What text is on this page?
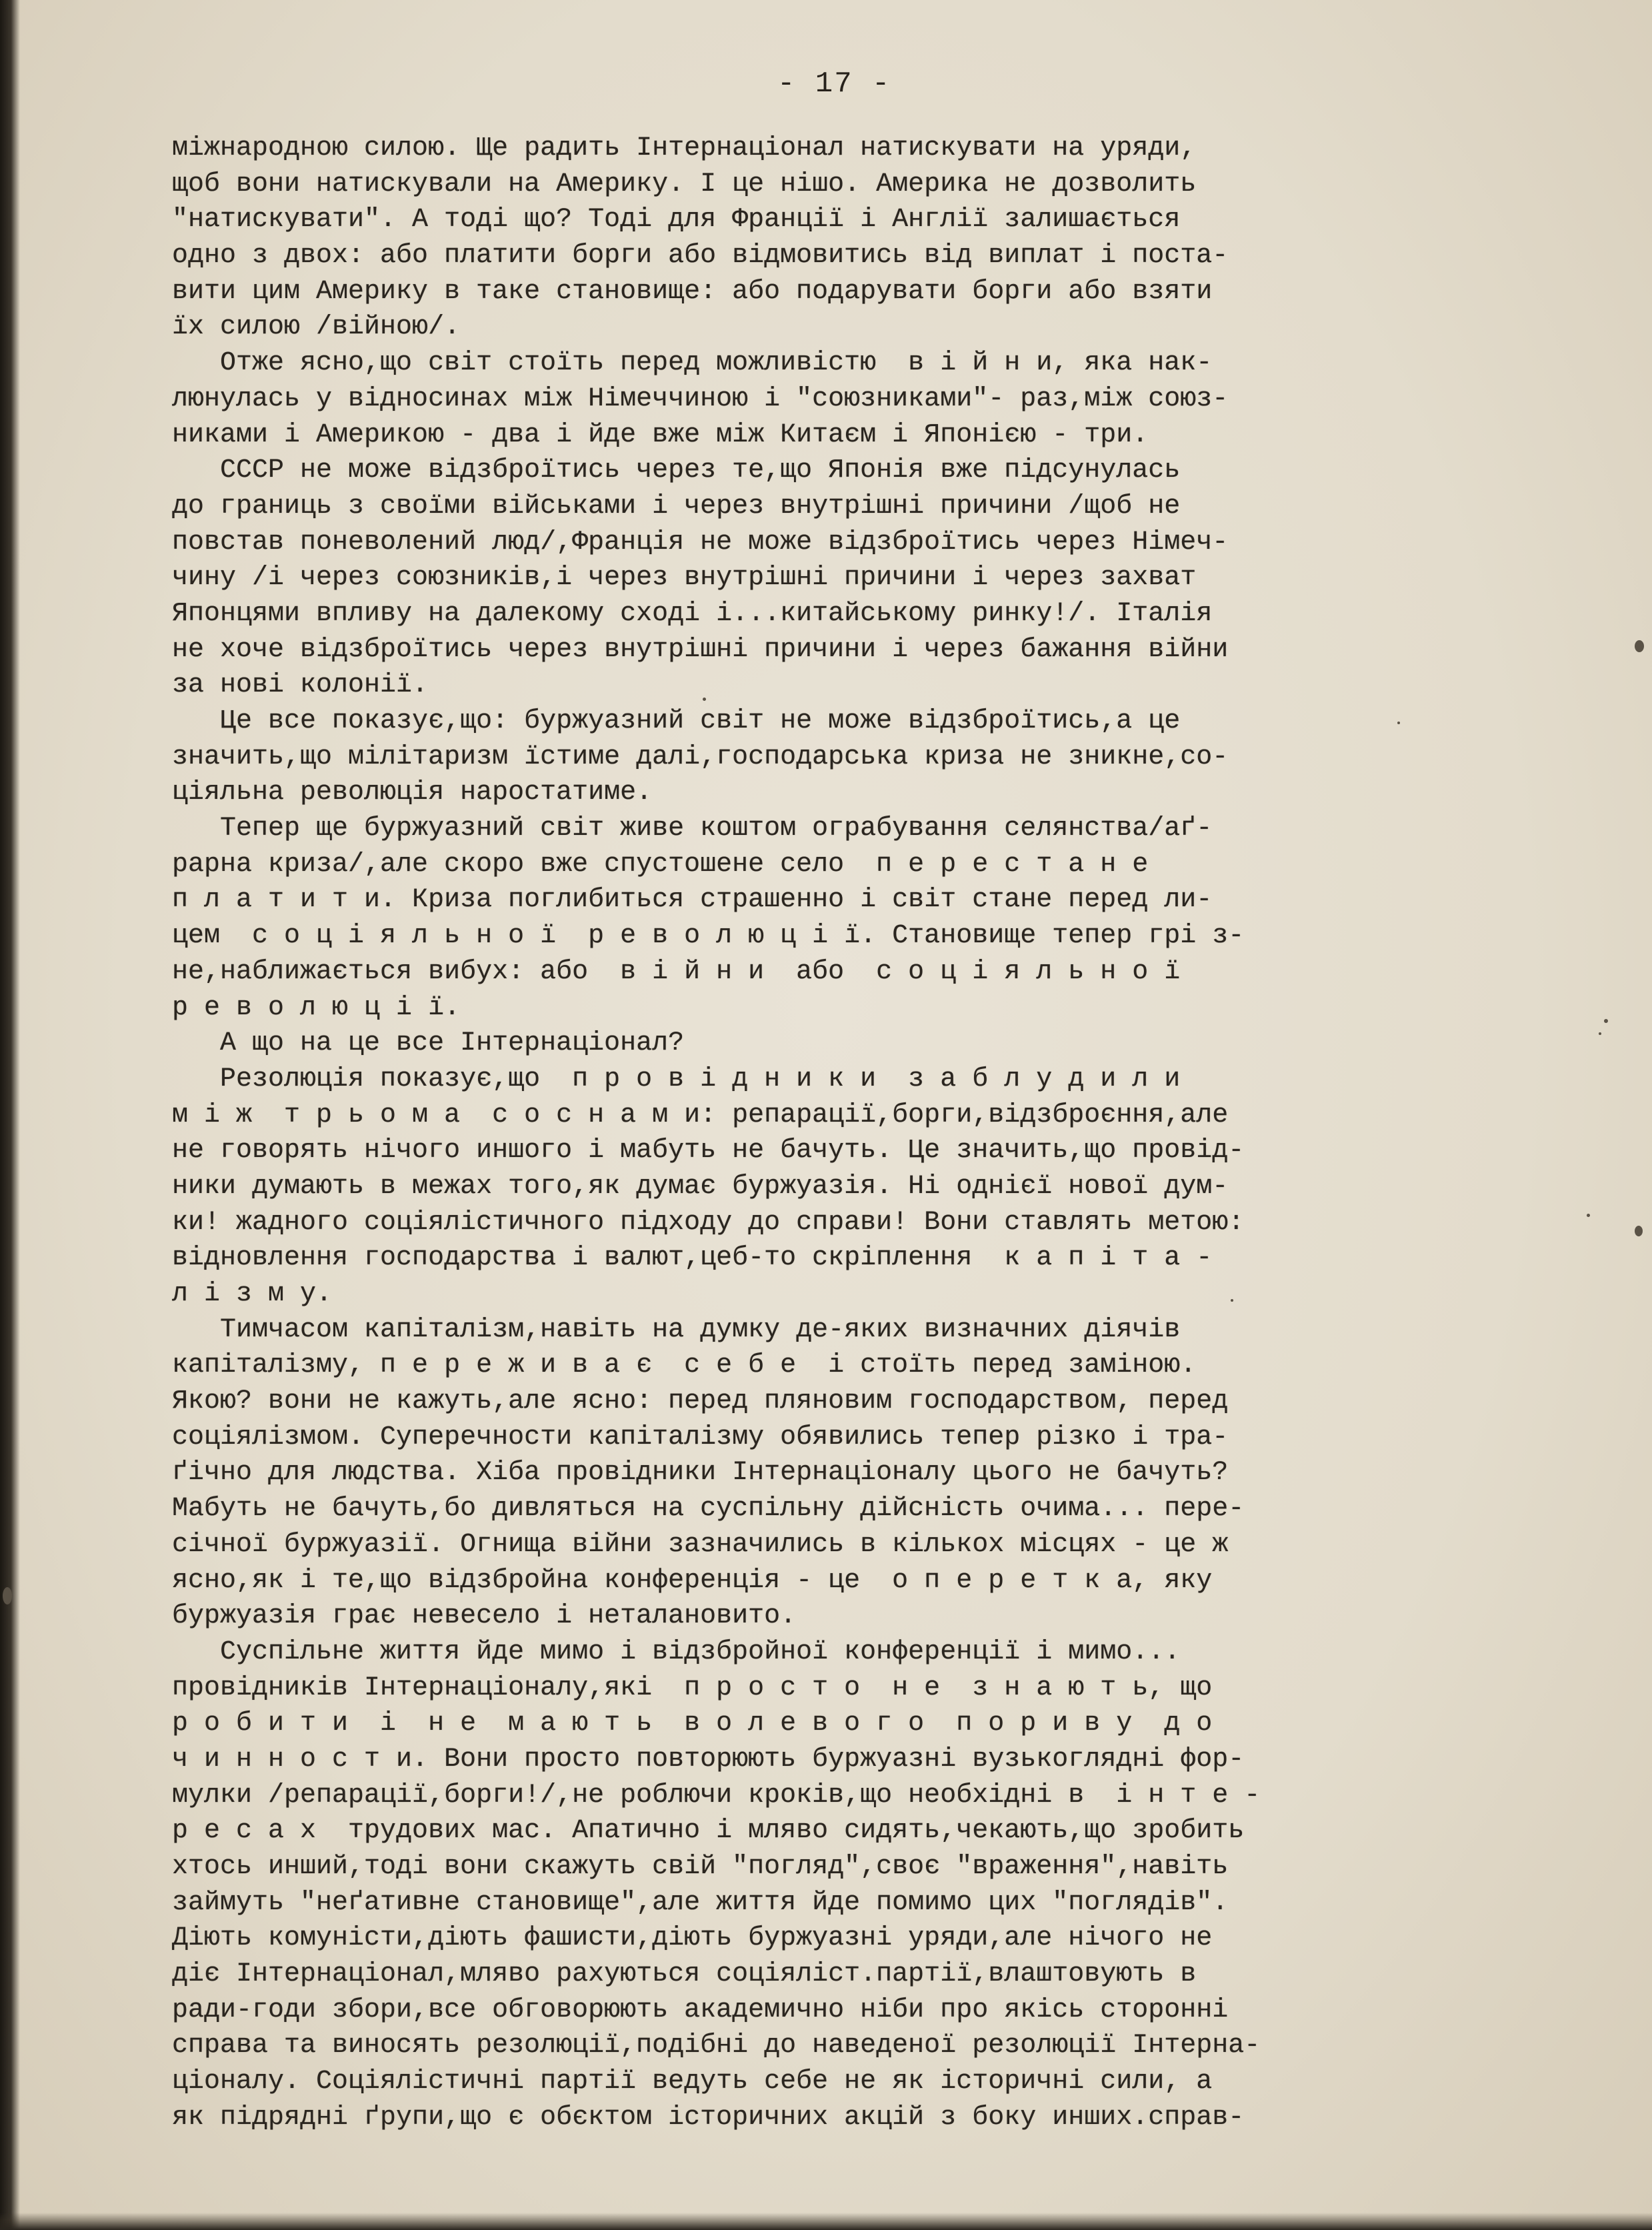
- 17 -
міжнародною силою. Ще радить Інтернаціонал натискувати на уряди,
щоб вони натискували на Америку. І це нішо. Америка не дозволить
"натискувати". А тоді що? Тоді для Франції і Англії залишається
одно з двох: або платити борги або відмовитись від виплат і поста-
вити цим Америку в таке становище: або подарувати борги або взяти
їх силою /війною/.
Отже ясно,що світ стоїть перед можливістю  в і й н и, яка нак-
люнулась у відносинах між Німеччиною і "союзниками"- раз,між союз-
никами і Америкою - два і йде вже між Китаєм і Японією - три.
СССР не може відзброїтись через те,що Японія вже підсунулась
до границь з своїми військами і через внутрішні причини /щоб не
повстав поневолений люд/,Франція не може відзброїтись через Німеч-
чину /і через союзників,і через внутрішні причини і через захват
Японцями впливу на далекому сході і...китайському ринку!/. Італія
не хоче відзброїтись через внутрішні причини і через бажання війни
за нові колонії.
Це все показує,що: буржуазний світ не може відзброїтись,а це
значить,що мілітаризм їстиме далі,господарська криза не зникне,со-
ціяльна революція наростатиме.
Тепер ще буржуазний світ живе коштом ограбування селянства/аґ-
рарна криза/,але скоро вже спустошене село  п е р е с т а н е
п л а т и т и. Криза поглибиться страшенно і світ стане перед ли-
цем  с о ц і я л ь н о ї  р е в о л ю ц і ї. Становище тепер грі з-
не,наближається вибух: або  в і й н и  або  с о ц і я л ь н о ї
р е в о л ю ц і ї.
А що на це все Інтернаціонал?
Резолюція показує,що  п р о в і д н и к и  з а б л у д и л и
м і ж  т р ь о м а  с о с н а м и: репарації,борги,відзброєння,але
не говорять нічого иншого і мабуть не бачуть. Це значить,що провід-
ники думають в межах того,як думає буржуазія. Ні однієї нової дум-
ки! жадного соціялістичного підходу до справи! Вони ставлять метою:
відновлення господарства і валют,цеб-то скріплення  к а п і т а -
л і з м у.
Тимчасом капіталізм,навіть на думку де-яких визначних діячів
капіталізму, п е р е ж и в а є  с е б е  і стоїть перед заміною.
Якою? вони не кажуть,але ясно: перед пляновим господарством, перед
соціялізмом. Суперечности капіталізму обявились тепер різко і тра-
ґічно для людства. Хіба провідники Інтернаціоналу цього не бачуть?
Мабуть не бачуть,бо дивляться на суспільну дійсність очима... пере-
січної буржуазії. Огнища війни зазначились в кількох місцях - це ж
ясно,як і те,що відзбройна конференція - це  о п е р е т к а, яку
буржуазія грає невесело і неталановито.
Суспільне життя йде мимо і відзбройної конференції і мимо...
провідників Інтернаціоналу,які  п р о с т о  н е  з н а ю т ь, що
р о б и т и  і  н е  м а ю т ь  в о л е в о г о  п о р и в у  д о
ч и н н о с т и. Вони просто повторюють буржуазні вузькоглядні фор-
мулки /репарації,борги!/,не роблючи кроків,що необхідні в  і н т е -
р е с а х  трудових мас. Апатично і мляво сидять,чекають,що зробить
хтось инший,тоді вони скажуть свій "погляд",своє "враження",навіть
займуть "неґативне становище",але життя йде помимо цих "поглядів".
Діють комуністи,діють фашисти,діють буржуазні уряди,але нічого не
діє Інтернаціонал,мляво рахуються соціяліст.партії,влаштовують в
ради-годи збори,все обговорюють академично ніби про якісь сторонні
справа та виносять резолюції,подібні до наведеної резолюції Інтерна-
ціоналу. Соціялістичні партії ведуть себе не як історичні сили, а
як підрядні ґрупи,що є обєктом історичних акцій з боку инших.справ-
